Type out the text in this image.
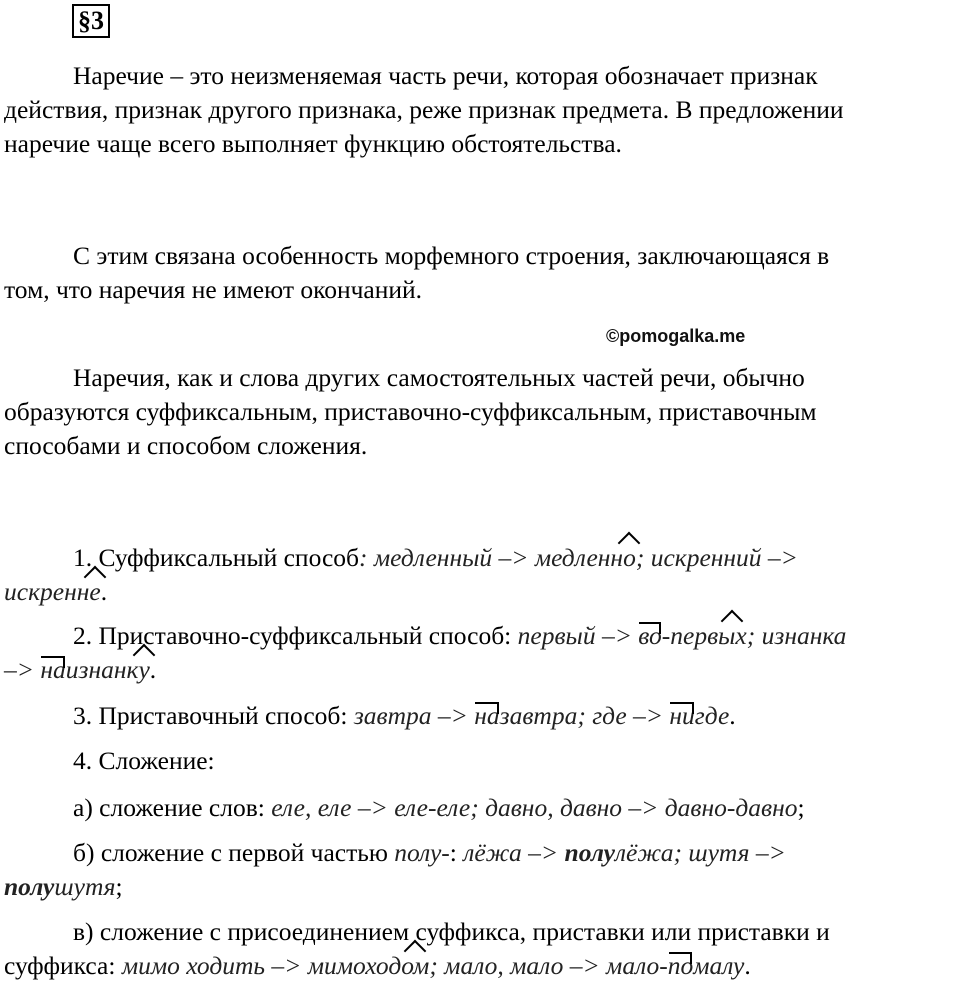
§3
©pomogalka.me
Наречие – это неизменяемая часть речи, которая обозначает признак
действия, признак другого признака, реже признак предмета. В предложении
наречие чаще всего выполняет функцию обстоятельства.
С этим связана особенность морфемного строения, заключающаяся в
том, что наречия не имеют окончаний.
Наречия, как и слова других самостоятельных частей речи, обычно
образуются суффиксальным, приставочно-суффиксальным, приставочным
способами и способом сложения.
1. Суффиксальный способ: медленный –> медленно; искренний –>
искренне.
2. Приставочно-суффиксальный способ: первый –> во-первых; изнанка
–> наизнанку.
3. Приставочный способ: завтра –> назавтра; где –> нигде.
4. Сложение:
а) сложение слов: еле, еле –> еле-еле; давно, давно –> давно-давно;
б) сложение с первой частью полу-: лёжа –> полулёжа; шутя –>
полушутя;
в) сложение с присоединением суффикса, приставки или приставки и
суффикса: мимо ходить –> мимоходом; мало, мало –> мало-помалу.
